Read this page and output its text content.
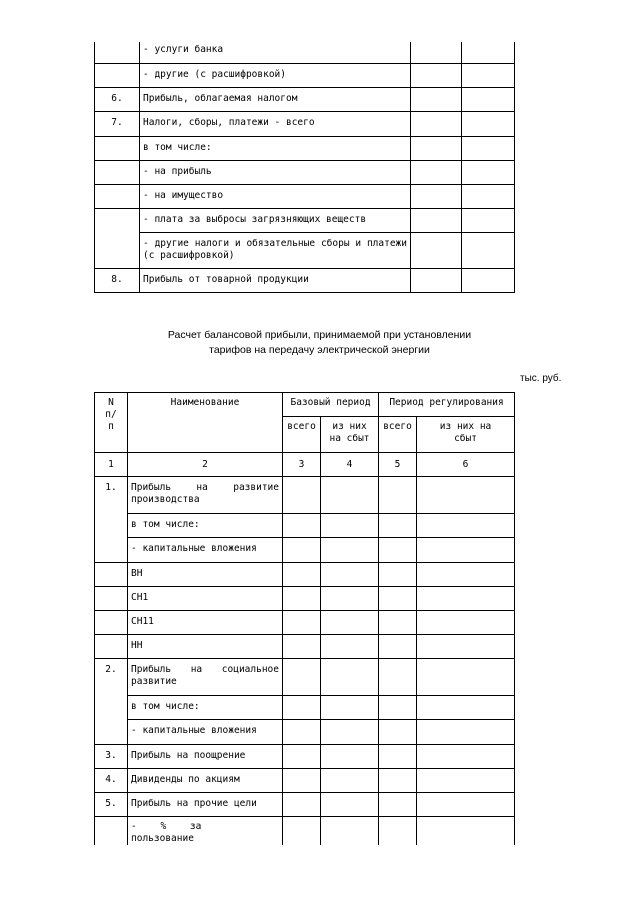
	- услуги банка		
	- другие (с расшифровкой)		
6.	Прибыль, облагаемая налогом		
7.	Налоги, сборы, платежи - всего		
	в том числе:		
	- на прибыль		
	- на имущество		
	- плата за выбросы загрязняющих веществ		
	- другие налоги и обязательные сборы и платежи (с расшифровкой)		
8.	Прибыль от товарной продукции		
Расчет балансовой прибыли, принимаемой при установлении
тарифов на передачу электрической энергии
тыс. руб.
N п/п	Наименование	Базовый период		Период регулирования	
		всего	из них на сбыт	всего	из них на сбыт
1	2	3	4	5	6
1.	Прибыль на развитие производства				
	в том числе:				
	- капитальные вложения				
	ВН				
	СН1				
	СН11				
	НН				
2.	Прибыль на социальное развитие				
	в том числе:				
	- капитальные вложения				
3.	Прибыль на поощрение				
4.	Дивиденды по акциям				
5.	Прибыль на прочие цели				
	- % за пользование				
